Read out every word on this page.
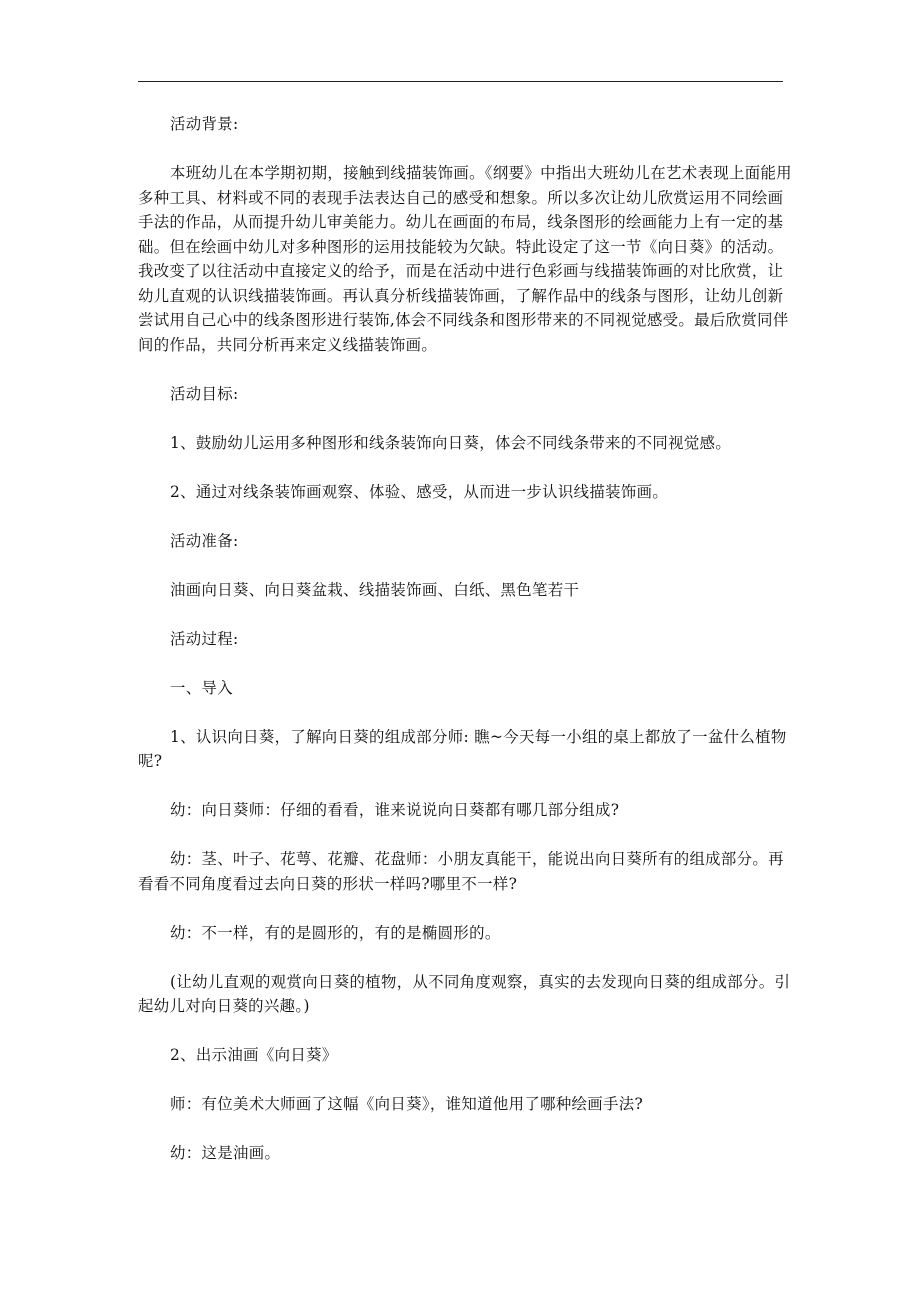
活动背景:

本班幼儿在本学期初期，接触到线描装饰画。《纲要》中指出大班幼儿在艺术表现上面能用多种工具、材料或不同的表现手法表达自己的感受和想象。所以多次让幼儿欣赏运用不同绘画手法的作品，从而提升幼儿审美能力。幼儿在画面的布局，线条图形的绘画能力上有一定的基础。但在绘画中幼儿对多种图形的运用技能较为欠缺。特此设定了这一节《向日葵》的活动。我改变了以往活动中直接定义的给予，而是在活动中进行色彩画与线描装饰画的对比欣赏，让幼儿直观的认识线描装饰画。再认真分析线描装饰画，了解作品中的线条与图形，让幼儿创新尝试用自己心中的线条图形进行装饰,体会不同线条和图形带来的不同视觉感受。最后欣赏同伴间的作品，共同分析再来定义线描装饰画。

活动目标:

1、鼓励幼儿运用多种图形和线条装饰向日葵，体会不同线条带来的不同视觉感。

2、通过对线条装饰画观察、体验、感受，从而进一步认识线描装饰画。

活动准备:

油画向日葵、向日葵盆栽、线描装饰画、白纸、黑色笔若干

活动过程:

一、导入

1、认识向日葵，了解向日葵的组成部分师: 瞧~今天每一小组的桌上都放了一盆什么植物呢?

幼：向日葵师：仔细的看看，谁来说说向日葵都有哪几部分组成?

幼：茎、叶子、花萼、花瓣、花盘师：小朋友真能干，能说出向日葵所有的组成部分。再看看不同角度看过去向日葵的形状一样吗?哪里不一样?

幼：不一样，有的是圆形的，有的是椭圆形的。

(让幼儿直观的观赏向日葵的植物，从不同角度观察，真实的去发现向日葵的组成部分。引起幼儿对向日葵的兴趣。)

2、出示油画《向日葵》

师：有位美术大师画了这幅《向日葵》，谁知道他用了哪种绘画手法?

幼：这是油画。
